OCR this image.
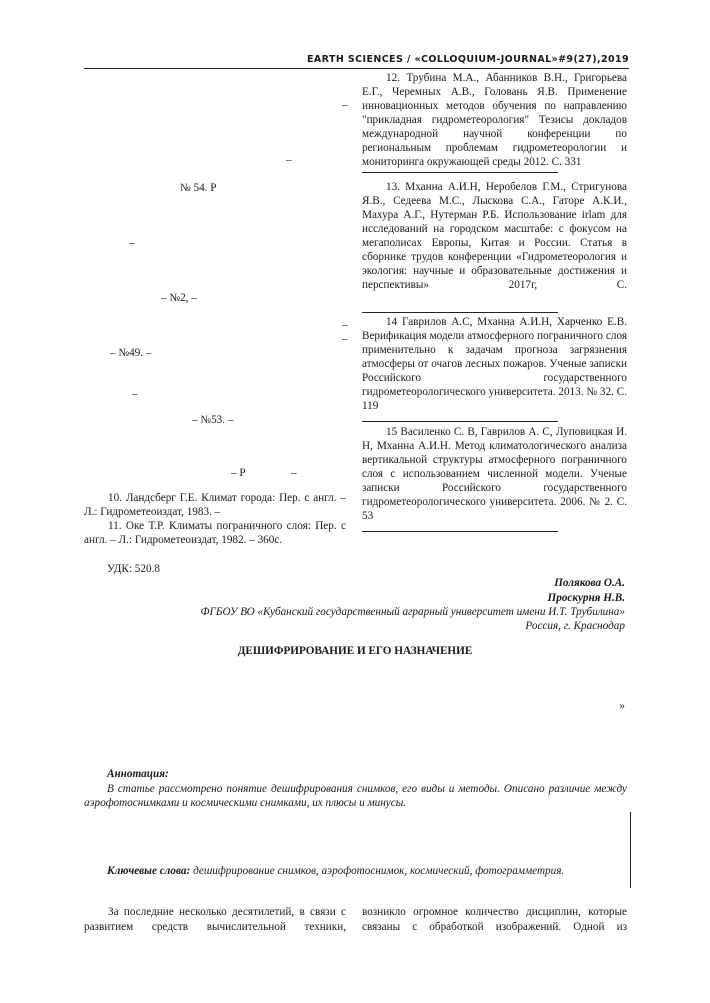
EARTH SCIENCES / «COLLOQUIUM-JOURNAL»#9(27),2019
–
–
№ 54. Р
–
– №2, –
–
–
– №49. –
–
– №53. –
– Р	–
10. Ландсберг Г.Е. Климат города: Пер. с англ. – Л.: Гидрометеоиздат, 1983. –
11. Оке Т.Р. Климаты пограничного слоя: Пер. с англ. – Л.: Гидрометеоиздат, 1982. – 360с.
12. Трубина М.А., Абанников В.Н., Григорьева Е.Г., Черемных А.В., Головань Я.В. Применение инновационных методов обучения по направлению "прикладная гидрометеорология" Тезисы докладов международной научной конференции по региональным проблемам гидрометеорологии и мониторинга окружающей среды 2012. С. 331
13. Мханна А.И.Н, Неробелов Г.М., Стригунова Я.В., Седеева М.С., Лыскова С.А., Гаторе А.К.И., Махура А.Г., Нутерман Р.Б. Использование irlam для исследований на городском масштабе: с фокусом на мегаполисах Европы, Китая и России. Статья в сборнике трудов конференции «Гидрометеорология и экология: научные и образовательные достижения и перспективы» 2017г, С.
14 Гаврилов А.С, Мханна А.И.Н, Харченко Е.В. Верификация модели атмосферного пограничного слоя применительно к задачам прогноза загрязнения атмосферы от очагов лесных пожаров. Ученые записки Российского государственного гидрометеорологического университета. 2013. № 32. С. 119
15 Василенко С. В, Гаврилов А. С, Луповицкая И. Н, Мханна А.И.Н. Метод климатологического анализа вертикальной структуры атмосферного пограничного слоя с использованием численной модели. Ученые записки Российского государственного гидрометеорологического университета. 2006. № 2. С. 53
УДК: 520.8
Полякова О.А.
Проскурня Н.В.
ФГБОУ ВО «Кубанский государственный аграрный университет имени И.Т. Трубилина»
Россия, г. Краснодар
ДЕШИФРИРОВАНИЕ И ЕГО НАЗНАЧЕНИЕ
»
Аннотация:
В статье рассмотрено понятие дешифрирования снимков, его виды и методы. Описано различие между аэрофотоснимками и космическими снимками, их плюсы и минусы.
Ключевые слова: дешифрирование снимков, аэрофотоснимок, космический, фотограмметрия.
За последние несколько десятилетий, в связи с развитием средств вычислительной техники,
возникло огромное количество дисциплин, которые связаны с обработкой изображений. Одной из
